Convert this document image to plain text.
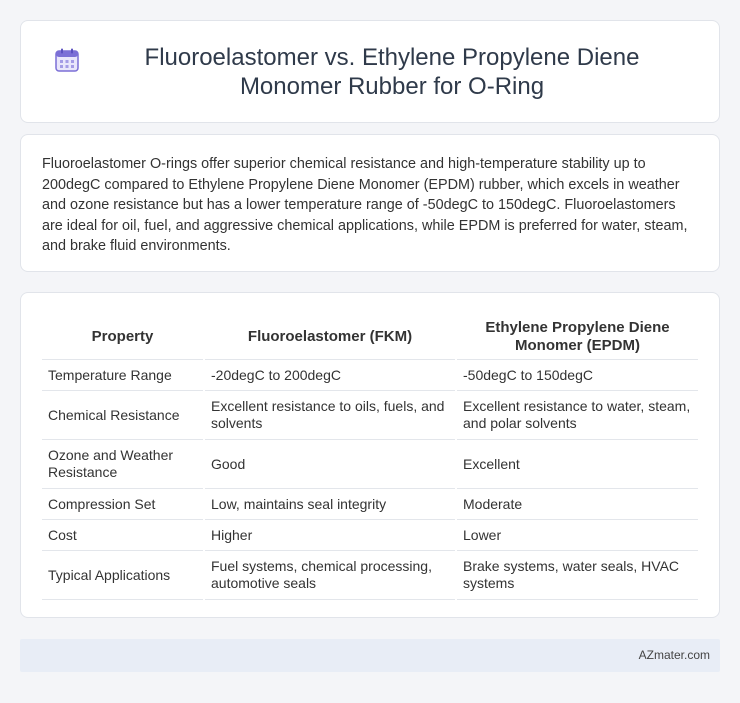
Fluoroelastomer vs. Ethylene Propylene Diene Monomer Rubber for O-Ring

Fluoroelastomer O-rings offer superior chemical resistance and high-temperature stability up to 200degC compared to Ethylene Propylene Diene Monomer (EPDM) rubber, which excels in weather and ozone resistance but has a lower temperature range of -50degC to 150degC. Fluoroelastomers are ideal for oil, fuel, and aggressive chemical applications, while EPDM is preferred for water, steam, and brake fluid environments.

Property	Fluoroelastomer (FKM)	Ethylene Propylene Diene Monomer (EPDM)
Temperature Range	-20degC to 200degC	-50degC to 150degC
Chemical Resistance	Excellent resistance to oils, fuels, and solvents	Excellent resistance to water, steam, and polar solvents
Ozone and Weather Resistance	Good	Excellent
Compression Set	Low, maintains seal integrity	Moderate
Cost	Higher	Lower
Typical Applications	Fuel systems, chemical processing, automotive seals	Brake systems, water seals, HVAC systems
AZmater.com
